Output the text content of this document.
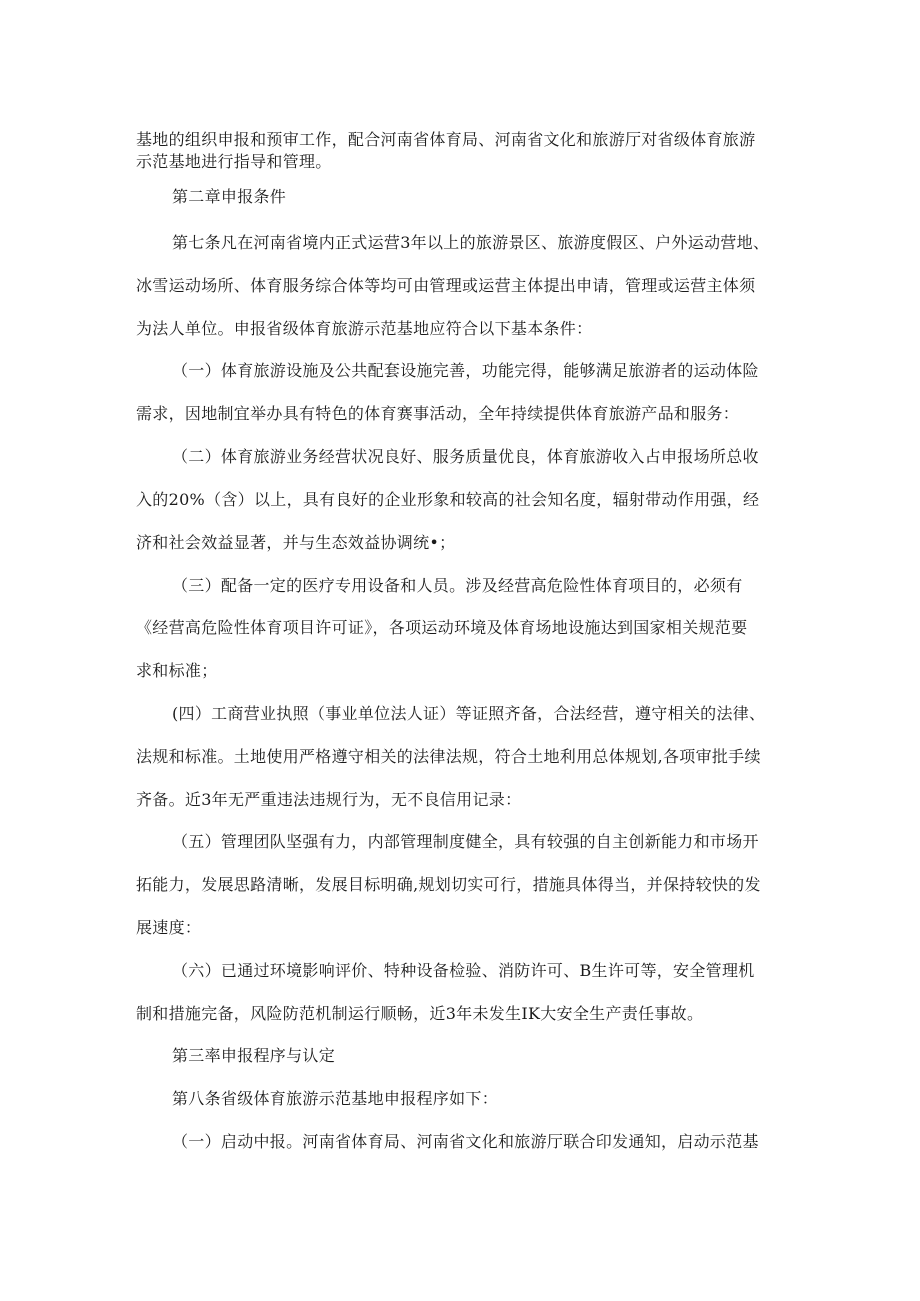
基地的组织申报和预审工作，配合河南省体育局、河南省文化和旅游厅对省级体育旅游
示范基地进行指导和管理。
第二章申报条件
第七条凡在河南省境内正式运营3年以上的旅游景区、旅游度假区、户外运动营地、
冰雪运动场所、体育服务综合体等均可由管理或运营主体提出申请，管理或运营主体须
为法人单位。申报省级体育旅游示范基地应符合以下基本条件：
（一）体育旅游设施及公共配套设施完善，功能完得，能够满足旅游者的运动体险
需求，因地制宜举办具有特色的体育赛事活动，全年持续提供体育旅游产品和服务：
（二）体育旅游业务经营状况良好、服务质量优良，体育旅游收入占申报场所总收
入的20%（含）以上，具有良好的企业形象和较高的社会知名度，辐射带动作用强，经
济和社会效益显著，并与生态效益协调统•；
（三）配备一定的医疗专用设备和人员。涉及经营高危险性体育项目的，必须有
《经营高危险性体育项目许可证》，各项运动环境及体育场地设施达到国家相关规范要
求和标准；
(四）工商营业执照（事业单位法人证）等证照齐备，合法经营，遵守相关的法律、
法规和标准。土地使用严格遵守相关的法律法规，符合土地利用总体规划,各项审批手续
齐备。近3年无严重违法违规行为，无不良信用记录：
（五）管理团队坚强有力，内部管理制度健全，具有较强的自主创新能力和市场开
拓能力，发展思路清晰，发展目标明确,规划切实可行，措施具体得当，并保持较快的发
展速度：
（六）已通过环境影响评价、特种设备检验、消防许可、B生许可等，安全管理机
制和措施完备，风险防范机制运行顺畅，近3年未发生IK大安全生产责任事故。
第三率申报程序与认定
第八条省级体育旅游示范基地申报程序如下：
（一）启动中报。河南省体育局、河南省文化和旅游厅联合印发通知，启动示范基
